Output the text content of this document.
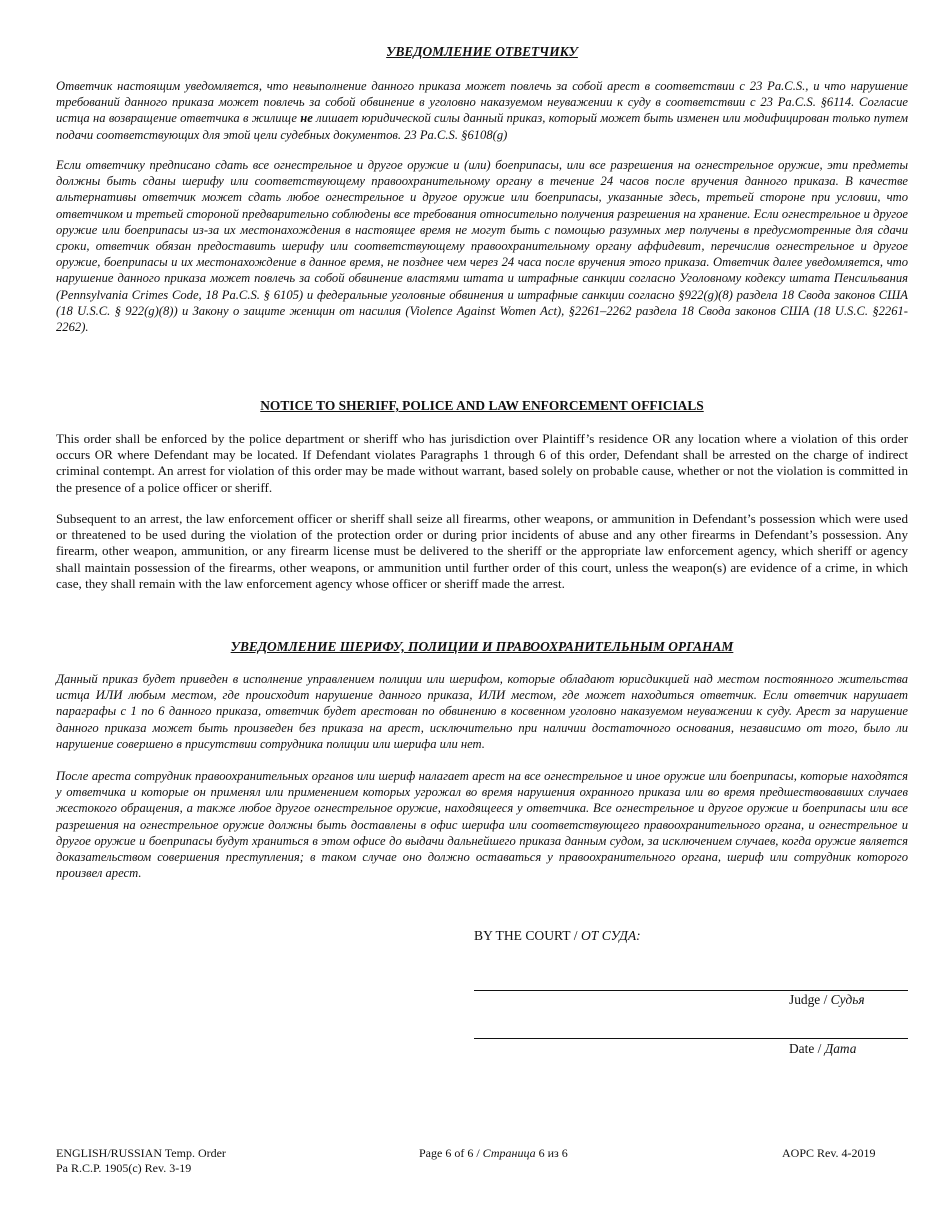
УВЕДОМЛЕНИЕ ОТВЕТЧИКУ

Ответчик настоящим уведомляется, что невыполнение данного приказа может повлечь за собой арест в соответствии с 23 Pa.C.S., и что нарушение требований данного приказа может повлечь за собой обвинение в уголовно наказуемом неуважении к суду в соответствии с 23 Pa.C.S. §6114. Согласие истца на возвращение ответчика в жилище не лишает юридической силы данный приказ, который может быть изменен или модифицирован только путем подачи соответствующих для этой цели судебных документов. 23 Pa.C.S. §6108(g)

Если ответчику предписано сдать все огнестрельное и другое оружие и (или) боеприпасы, или все разрешения на огнестрельное оружие, эти предметы должны быть сданы шерифу или соответствующему правоохранительному органу в течение 24 часов после вручения данного приказа. В качестве альтернативы ответчик может сдать любое огнестрельное и другое оружие или боеприпасы, указанные здесь, третьей стороне при условии, что ответчиком и третьей стороной предварительно соблюдены все требования относительно получения разрешения на хранение. Если огнестрельное и другое оружие или боеприпасы из-за их местонахождения в настоящее время не могут быть с помощью разумных мер получены в предусмотренные для сдачи сроки, ответчик обязан предоставить шерифу или соответствующему правоохранительному органу аффидевит, перечислив огнестрельное и другое оружие, боеприпасы и их местонахождение в данное время, не позднее чем через 24 часа после вручения этого приказа. Ответчик далее уведомляется, что нарушение данного приказа может повлечь за собой обвинение властями штата и штрафные санкции согласно Уголовному кодексу штата Пенсильвания (Pennsylvania Crimes Code, 18 Pa.C.S. § 6105) и федеральные уголовные обвинения и штрафные санкции согласно §922(g)(8) раздела 18 Свода законов США (18 U.S.C. § 922(g)(8)) и Закону о защите женщин от насилия (Violence Against Women Act), §2261–2262 раздела 18 Свода законов США (18 U.S.C. §2261-2262).

NOTICE TO SHERIFF, POLICE AND LAW ENFORCEMENT OFFICIALS

This order shall be enforced by the police department or sheriff who has jurisdiction over Plaintiff’s residence OR any location where a violation of this order occurs OR where Defendant may be located. If Defendant violates Paragraphs 1 through 6 of this order, Defendant shall be arrested on the charge of indirect criminal contempt. An arrest for violation of this order may be made without warrant, based solely on probable cause, whether or not the violation is committed in the presence of a police officer or sheriff.

Subsequent to an arrest, the law enforcement officer or sheriff shall seize all firearms, other weapons, or ammunition in Defendant’s possession which were used or threatened to be used during the violation of the protection order or during prior incidents of abuse and any other firearms in Defendant’s possession. Any firearm, other weapon, ammunition, or any firearm license must be delivered to the sheriff or the appropriate law enforcement agency, which sheriff or agency shall maintain possession of the firearms, other weapons, or ammunition until further order of this court, unless the weapon(s) are evidence of a crime, in which case, they shall remain with the law enforcement agency whose officer or sheriff made the arrest.

УВЕДОМЛЕНИЕ ШЕРИФУ, ПОЛИЦИИ И ПРАВООХРАНИТЕЛЬНЫМ ОРГАНАМ

Данный приказ будет приведен в исполнение управлением полиции или шерифом, которые обладают юрисдикцией над местом постоянного жительства истца ИЛИ любым местом, где происходит нарушение данного приказа, ИЛИ местом, где может находиться ответчик. Если ответчик нарушает параграфы с 1 по 6 данного приказа, ответчик будет арестован по обвинению в косвенном уголовно наказуемом неуважении к суду. Арест за нарушение данного приказа может быть произведен без приказа на арест, исключительно при наличии достаточного основания, независимо от того, было ли нарушение совершено в присутствии сотрудника полиции или шерифа или нет.

После ареста сотрудник правоохранительных органов или шериф налагает арест на все огнестрельное и иное оружие или боеприпасы, которые находятся у ответчика и которые он применял или применением которых угрожал во время нарушения охранного приказа или во время предшествовавших случаев жестокого обращения, а также любое другое огнестрельное оружие, находящееся у ответчика. Все огнестрельное и другое оружие и боеприпасы или все разрешения на огнестрельное оружие должны быть доставлены в офис шерифа или соответствующего правоохранительного органа, и огнестрельное и другое оружие и боеприпасы будут храниться в этом офисе до выдачи дальнейшего приказа данным судом, за исключением случаев, когда оружие является доказательством совершения преступления; в таком случае оно должно оставаться у правоохранительного органа, шериф или сотрудник которого произвел арест.

BY THE COURT / ОТ СУДА:
Judge / Судья
Date / Дата
ENGLISH/RUSSIAN Temp. Order
Pa R.C.P. 1905(c) Rev. 3-19
Page 6 of 6 / Страница 6 из 6	AOPC Rev. 4-2019
